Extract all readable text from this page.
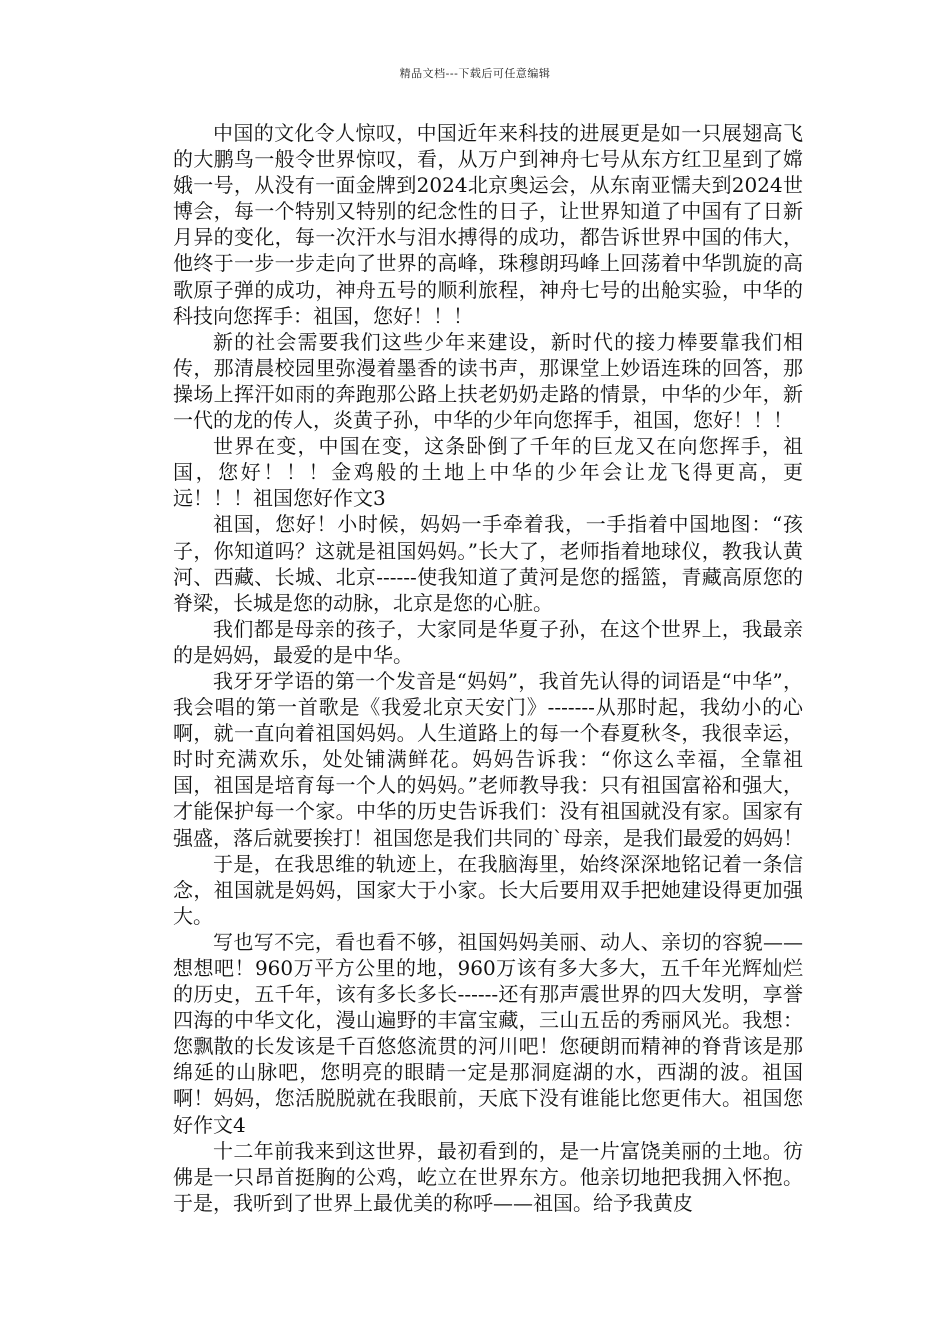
精品文档---下载后可任意编辑

中国的文化令人惊叹，中国近年来科技的进展更是如一只展翅高飞的大鹏鸟一般令世界惊叹，看，从万户到神舟七号从东方红卫星到了嫦娥一号，从没有一面金牌到2024北京奥运会，从东南亚懦夫到2024世博会，每一个特别又特别的纪念性的日子，让世界知道了中国有了日新月异的变化，每一次汗水与泪水搏得的成功，都告诉世界中国的伟大，他终于一步一步走向了世界的高峰，珠穆朗玛峰上回荡着中华凯旋的高歌原子弹的成功，神舟五号的顺利旅程，神舟七号的出舱实验，中华的科技向您挥手：祖国，您好！！！

新的社会需要我们这些少年来建设，新时代的接力棒要靠我们相传，那清晨校园里弥漫着墨香的读书声，那课堂上妙语连珠的回答，那操场上挥汗如雨的奔跑那公路上扶老奶奶走路的情景，中华的少年，新一代的龙的传人，炎黄子孙，中华的少年向您挥手，祖国，您好！！！

世界在变，中国在变，这条卧倒了千年的巨龙又在向您挥手，祖国，您好！！！金鸡般的土地上中华的少年会让龙飞得更高，更远！！！祖国您好作文3

祖国，您好！小时候，妈妈一手牵着我，一手指着中国地图：“孩子，你知道吗？这就是祖国妈妈。”长大了，老师指着地球仪，教我认黄河、西藏、长城、北京------使我知道了黄河是您的摇篮，青藏高原您的脊梁，长城是您的动脉，北京是您的心脏。

我们都是母亲的孩子，大家同是华夏子孙，在这个世界上，我最亲的是妈妈，最爱的是中华。

我牙牙学语的第一个发音是“妈妈”，我首先认得的词语是“中华”，我会唱的第一首歌是《我爱北京天安门》-------从那时起，我幼小的心啊，就一直向着祖国妈妈。人生道路上的每一个春夏秋冬，我很幸运，时时充满欢乐，处处铺满鲜花。妈妈告诉我：“你这么幸福，全靠祖国，祖国是培育每一个人的妈妈。”老师教导我：只有祖国富裕和强大，才能保护每一个家。中华的历史告诉我们：没有祖国就没有家。国家有强盛，落后就要挨打！祖国您是我们共同的`母亲，是我们最爱的妈妈！

于是，在我思维的轨迹上，在我脑海里，始终深深地铭记着一条信念，祖国就是妈妈，国家大于小家。长大后要用双手把她建设得更加强大。

写也写不完，看也看不够，祖国妈妈美丽、动人、亲切的容貌——想想吧！960万平方公里的地，960万该有多大多大，五千年光辉灿烂的历史，五千年，该有多长多长------还有那声震世界的四大发明，享誉四海的中华文化，漫山遍野的丰富宝藏，三山五岳的秀丽风光。我想：您飘散的长发该是千百悠悠流贯的河川吧！您硬朗而精神的脊背该是那绵延的山脉吧，您明亮的眼睛一定是那洞庭湖的水，西湖的波。祖国啊！妈妈，您活脱脱就在我眼前，天底下没有谁能比您更伟大。祖国您好作文4

十二年前我来到这世界，最初看到的，是一片富饶美丽的土地。彷佛是一只昂首挺胸的公鸡，屹立在世界东方。他亲切地把我拥入怀抱。于是，我听到了世界上最优美的称呼——祖国。给予我黄皮
